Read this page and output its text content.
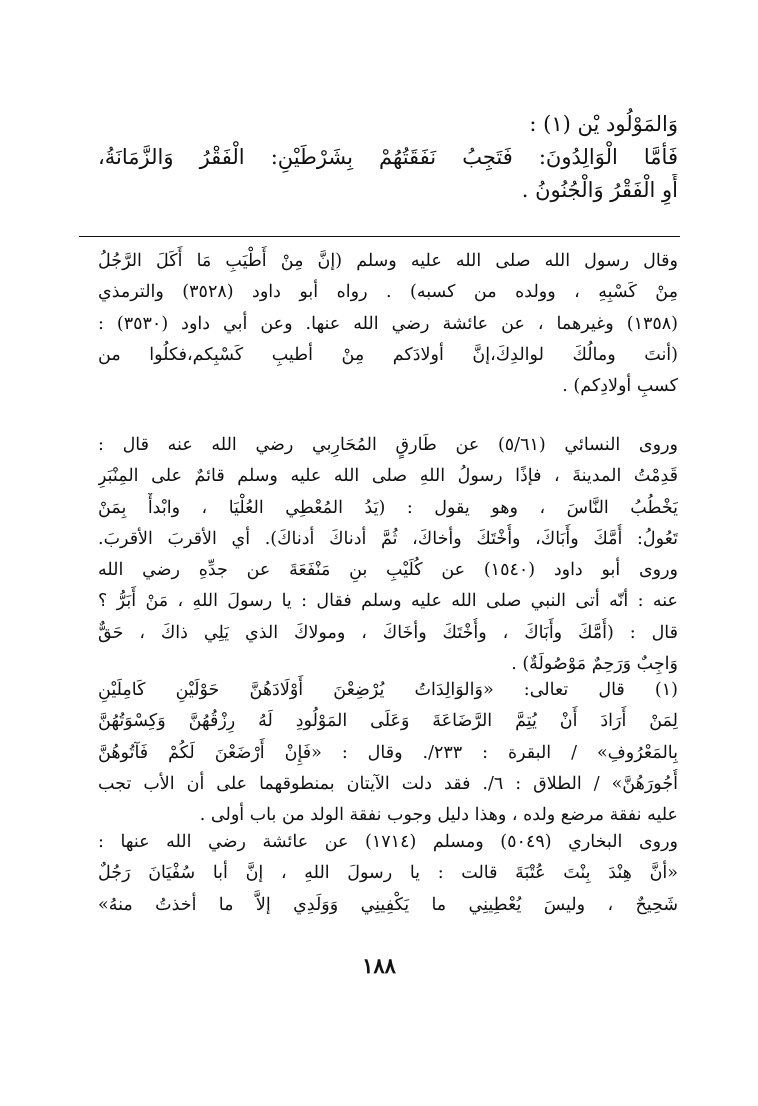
وَالمَوْلُود يْن (١) :
فَأَمَّا الْوَالِدُونَ: فَتَجِبُ نَفَقَتُهُمْ بِشَرْطَيْنِ: الْفَقْرُ وَالزَّمَانَةُ،
أَوِ الْفَقْرُ وَالْجُنُونُ .
وقال رسول الله صلى الله عليه وسلم (إنَّ مِنْ أَطْيَبِ مَا أَكَلَ الرَّجُلُ
مِنْ كَسْبِهِ ، وولده من كسبه) . رواه أبو داود (٣٥٢٨) والترمذي
(١٣٥٨) وغيرهما ، عن عائشة رضي الله عنها. وعن أبي داود (٣٥٣٠) :
(أنتَ ومالُكَ لوالدِكَ،إنَّ أولادَكم مِنْ أطيبِ كَسْبِكم،فكلُوا من
كسبِ أولادِكم) .
وروى النسائي (٥/٦١) عن طَارقٍ المُحَارِبي رضي الله عنه قال :
قَدِمْتُ المدينةَ ، فإذًا رسولُ اللهِ صلى الله عليه وسلم قائمٌ على المِنْبَرِ
يَخْطُبُ النَّاسَ ، وهو يقول : (يَدُ المُعْطِي العُلْيَا ، وابْدأْ بِمَنْ
تَعُولُ: أُمَّكَ وأَبَاكَ، وأُخْتَكَ وأخاكَ، ثُمَّ أدناكَ أدناكَ). أي الأقربَ الأقربَ.
وروى أبو داود (١٥٤٠) عن كُلَيْبِ بنِ مَنْفَعَةَ عن جدِّهِ رضي الله
عنه : أنّه أتى النبي صلى الله عليه وسلم فقال : يا رسولَ اللهِ ، مَنْ أَبَرُّ ؟
قال : (أُمَّكَ وأَبَاكَ ، وأُخْتَكَ وأخَاكَ ، ومولاكَ الذي يَلِي ذاكَ ، حَقٌّ
وَاجِبٌ وَرَحِمٌ مَوْصُولَةٌ) .
(١) قال تعالى: «وَالوَالِدَاتُ يُرْضِعْنَ أَوْلَادَهُنَّ حَوْلَيْنِ كَامِلَيْنِ
لِمَنْ أَرَادَ أَنْ يُتِمَّ الرَّضَاعَةَ وَعَلَى المَوْلُودِ لَهُ رِزْقُهُنَّ وَكِسْوَتُهُنَّ
بِالمَعْرُوفِ» / البقرة : ٢٣٣/. وقال : «فَإِنْ أَرْضَعْنَ لَكُمْ فَآتُوهُنَّ
أُجُورَهُنَّ» / الطلاق : ٦/. فقد دلت الآيتان بمنطوقهما على أن الأب تجب
عليه نفقة مرضع ولده ، وهذا دليل وجوب نفقة الولد من باب أولى .
وروى البخاري (٥٠٤٩) ومسلم (١٧١٤) عن عائشة رضي الله عنها :
«أنَّ هِنْدَ بِنْتَ عُتْبَةَ قالت : يا رسولَ اللهِ ، إنَّ أبا سُفْيَانَ رَجُلٌ
شَحِيحٌ ، وليسَ يُعْطِينِي ما يَكْفِينِي وَوَلَدِي إلاَّ ما أخذتُ منهُ»
١٨٨
